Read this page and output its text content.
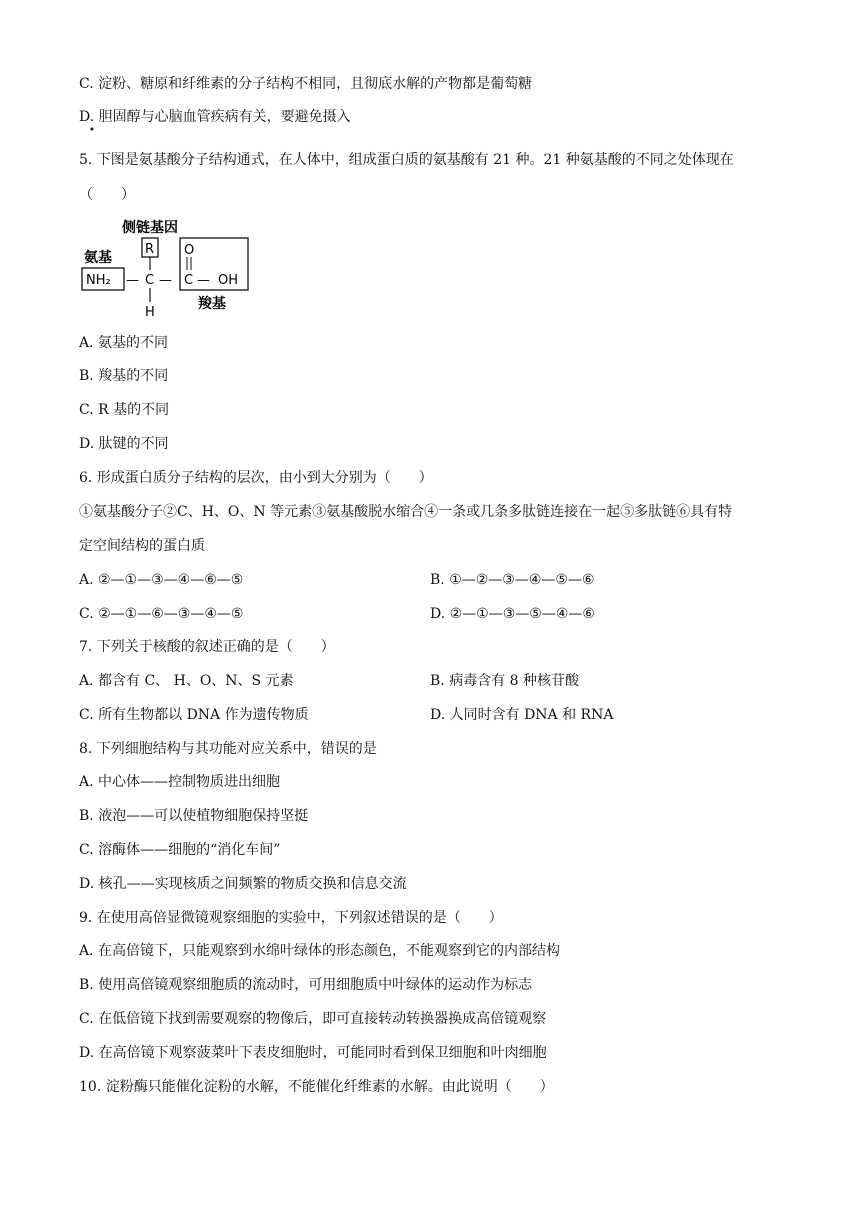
C. 淀粉、糖原和纤维素的分子结构不相同，且彻底水解的产物都是葡萄糖
D. 胆固醇与心脑血管疾病有关，要避免摄入
•
5. 下图是氨基酸分子结构通式，在人体中，组成蛋白质的氨基酸有 21 种。21 种氨基酸的不同之处体现在
（　　）
侧链基因
氨基
R
NH₂ — C —
H
O
C — OH
羧基
A. 氨基的不同
B. 羧基的不同
C. R 基的不同
D. 肽键的不同
6. 形成蛋白质分子结构的层次，由小到大分别为（　　）
①氨基酸分子②C、H、O、N 等元素③氨基酸脱水缩合④一条或几条多肽链连接在一起⑤多肽链⑥具有特
定空间结构的蛋白质
A. ②—①—③—④—⑥—⑤	B. ①—②—③—④—⑤—⑥
C. ②—①—⑥—③—④—⑤	D. ②—①—③—⑤—④—⑥
7. 下列关于核酸的叙述正确的是（　　）
A. 都含有 C、 H、O、N、S 元素	B. 病毒含有 8 种核苷酸
C. 所有生物都以 DNA 作为遗传物质	D. 人同时含有 DNA 和 RNA
8. 下列细胞结构与其功能对应关系中，错误的是
A. 中心体——控制物质进出细胞
B. 液泡——可以使植物细胞保持坚挺
C. 溶酶体——细胞的“消化车间”
D. 核孔——实现核质之间频繁的物质交换和信息交流
9. 在使用高倍显微镜观察细胞的实验中，下列叙述错误的是（　　）
A. 在高倍镜下，只能观察到水绵叶绿体的形态颜色，不能观察到它的内部结构
B. 使用高倍镜观察细胞质的流动时，可用细胞质中叶绿体的运动作为标志
C. 在低倍镜下找到需要观察的物像后，即可直接转动转换器换成高倍镜观察
D. 在高倍镜下观察菠菜叶下表皮细胞时，可能同时看到保卫细胞和叶肉细胞
10. 淀粉酶只能催化淀粉的水解，不能催化纤维素的水解。由此说明（　　）
